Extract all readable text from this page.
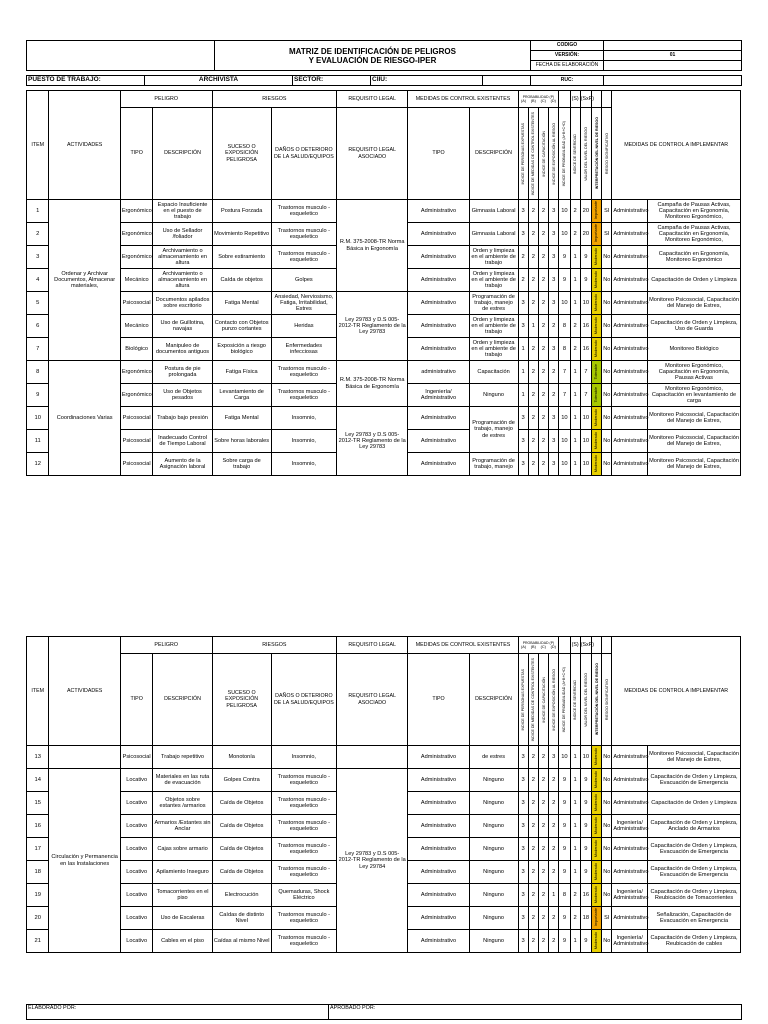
	MATRIZ DE IDENTIFICACIÓN DE PELIGROS
Y EVALUACIÓN DE RIESGO-IPER	CODIGO	
		VERSIÓN:	01
		FECHA DE ELABORACIÓN	
PUESTO DE TRABAJO:	ARCHIVISTA	SECTOR:	CIIU:		RUC:	
ITEM	ACTIVIDADES	PELIGRO		RIESGOS		REQUISITO LEGAL	MEDIDAS DE CONTROL EXISTENTES		PROBABILIDAD (P)
(A) (B) (C) (D)					(S)	(SxP)			MEDIDAS DE CONTROL A IMPLEMENTAR	
		TIPO	DESCRIPCIÓN	SUCESO O EXPOSICIÓN PELIGROSA	DAÑOS O DETERIORO DE LA SALUD/EQUIPOS	REQUISITO LEGAL ASOCIADO	TIPO	DESCRIPCIÓN	INDICE DE PERSONAS EXPUESTAS	INDICE DE MEDIDAS DE CONTROL EXISTENTES	INDICE DE CAPACITACIÓN	INDICE DE EXPOSICIÓN AL RIESGO	INDICE DE PROBABILIDAD (A+B+C+D)	INDICE DE SEVERIDAD	VALOR DEL NIVEL DEL RIESGO	INTERPRETACIÓN DEL NIVEL DE RIESGO	RIESGO SIGNIFICATIVO		

1	Ordenar y Archivar Documentos, Almacenar materiales,	Ergonómico	Espacio Insuficiente en el puesto de trabajo	Postura Forzada	Trastornos musculo - esqueletico	R.M. 375-2008-TR Norma Básica in Ergonomía	Administrativo	Gimnasia Laboral	3	2	2	3	10	2	20	Importante	SI	Administrativo	Campaña de Pausas Activas, Capacitación en Ergonomía, Monitoreo Ergonómico,
2		Ergonómico	Uso de Sellador /foliador	Movimiento Repetitivo	Trastornos musculo - esqueletico		Administrativo	Gimnasia Laboral	3	2	2	3	10	2	20	Importante	SI	Administrativo	Campaña de Pausas Activas, Capacitación en Ergonomía, Monitoreo Ergonómico,
3		Ergonómico	Archivamiento o almacenamiento en altura	Sobre estiramiento	Trastornos musculo - esqueletico		Administrativo	Orden y limpieza en el ambiente de trabajo	2	2	2	3	9	1	9	Moderado	No	Administrativo	Capacitación en Ergonomía, Monitoreo Ergonómico
4		Mecánico	Archivamiento o almacenamiento en altura	Caída de objetos	Golpes		Administrativo	Orden y limpieza en el ambiente de trabajo	2	2	2	3	9	1	9	Moderado	No	Administrativo	Capacitación de Orden y Limpieza
5		Psicosocial	Documentos apilados sobre escritorio	Fatiga Mental	Ansiedad, Nerviosismo, Fatiga, Irritabilidad, Estres	Ley 29783 y D.S 005-2012-TR Reglamento de la Ley 29783	Administrativo	Programación de trabajo, manejo de estres	3	2	2	3	10	1	10	Moderado	No	Administrativo	Monitoreo Psicosocial, Capacitación del Manejo de Estres,
6		Mecánico	Uso de Guillotina, navajas	Contacto con Objetos punzo cortantes	Heridas		Administrativo	Orden y limpieza en el ambiente de trabajo	3	1	2	2	8	2	16	Moderado	No	Administrativo	Capacitación de Orden y Limpieza, Uso de Guarda
7		Biológico	Manipuleo de documentos antiguos	Exposición a riesgo biológico	Enfermedades infecciosas		Administrativo	Orden y limpieza en el ambiente de trabajo	1	2	2	3	8	2	16	Moderado	No	Administrativo	Monitoreo Biológico
8	Coordinaciones Varias	Ergonómico	Postura de pie prolongada	Fatiga Física	Trastornos musculo - esqueletico	R.M. 375-2008-TR Norma Básica de Ergonomía	administrativo	Capacitación	1	2	2	2	7	1	7	Tolerable	No	Administrativo	Monitoreo Ergonómico, Capacitación en Ergonomía, Pausas Activas
9		Ergonómico	Uso de Objetos pesados	Levantamiento de Carga	Trastornos musculo - esqueletico		Ingeniería/ Administrativo	Ninguno	1	2	2	2	7	1	7	Tolerable	No	Administrativo	Monitoreo Ergonómico, Capacitación en levantamiento de carga
10		Psicosocial	Trabajo bajo presión	Fatiga Mental	Insomnio,	Ley 29783 y D.S 005-2012-TR Reglamento de la Ley 29783	Administrativo	Programación de trabajo, manejo de estres	3	2	2	3	10	1	10	Moderado	No	Administrativo	Monitoreo Psicosocial, Capacitación del Manejo de Estres,
11		Psicosocial	Inadecuado Control de Tiempo Laboral	Sobre horas laborales	Insomnio,		Administrativo		3	2	2	3	10	1	10	Moderado	No	Administrativo	Monitoreo Psicosocial, Capacitación del Manejo de Estres,
12		Psicosocial	Aumento de la Asignación laboral	Sobre carga de trabajo	Insomnio,		Administrativo	Programación de trabajo, manejo	3	2	2	3	10	1	10	Moderado	No	Administrativo	Monitoreo Psicosocial, Capacitación del Manejo de Estres,
ITEM	ACTIVIDADES	PELIGRO		RIESGOS		REQUISITO LEGAL	MEDIDAS DE CONTROL EXISTENTES		PROBABILIDAD (P)
(A) (B) (C) (D)					(S)	(SxP)			MEDIDAS DE CONTROL A IMPLEMENTAR	
		TIPO	DESCRIPCIÓN	SUCESO O EXPOSICIÓN PELIGROSA	DAÑOS O DETERIORO DE LA SALUD/EQUIPOS	REQUISITO LEGAL ASOCIADO	TIPO	DESCRIPCIÓN	INDICE DE PERSONAS EXPUESTAS	INDICE DE MEDIDAS DE CONTROL EXISTENTES	INDICE DE CAPACITACIÓN	INDICE DE EXPOSICIÓN AL RIESGO	INDICE DE PROBABILIDAD (A+B+C+D)	INDICE DE SEVERIDAD	VALOR DEL NIVEL DEL RIESGO	INTERPRETACIÓN DEL NIVEL DE RIESGO	RIESGO SIGNIFICATIVO		

13		Psicosocial	Trabajo repetitivo	Monotonía	Insomnio,		Administrativo	de estres	3	2	2	3	10	1	10	Moderado	No	Administrativo	Monitoreo Psicosocial, Capacitación del Manejo de Estres,
14	Circulación y Permanencia en las Instalaciones	Locativo	Materiales en las ruta de evacuación	Golpes Contra	Trastornos musculo - esqueletico	Ley 29783 y D.S 005-2012-TR Reglamento de la Ley 29784	Administrativo	Ninguno	3	2	2	2	9	1	9	Moderado	No	Administrativo	Capacitación de Orden y Limpieza, Evacuación de Emergencia
15		Locativo	Objetos sobre estantes /armarios	Caída de Objetos	Trastornos musculo - esqueletico		Administrativo	Ninguno	3	2	2	2	9	1	9	Moderado	No	Administrativo	Capacitación de Orden y Limpieza
16		Locativo	Armarios /Estantes sin Anclar	Caída de Objetos	Trastornos musculo - esqueletico		Administrativo	Ninguno	3	2	2	2	9	1	9	Moderado	No	Ingeniería/ Administrativo	Capacitación de Orden y Limpieza, Anclado de Armarios
17		Locativo	Cajas sobre armario	Caída de Objetos	Trastornos musculo - esqueletico		Administrativo	Ninguno	3	2	2	2	9	1	9	Moderado	No	Administrativo	Capacitación de Orden y Limpieza, Evacuación de Emergencia
18		Locativo	Apilamiento Inseguro	Caída de Objetos	Trastornos musculo - esqueletico		Administrativo	Ninguno	3	2	2	2	9	1	9	Moderado	No	Administrativo	Capacitación de Orden y Limpieza, Evacuación de Emergencia
19		Locativo	Tomacorrientes en el piso	Electrocución	Quemaduras, Shock Eléctrico		Administrativo	Ninguno	3	2	2	1	8	2	16	Moderado	No	Ingeniería/ Administrativo	Capacitación de Orden y Limpieza, Reubicación de Tomacorrientes
20		Locativo	Uso de Escaleras	Caídas de distinto Nivel	Trastornos musculo - esqueletico		Administrativo	Ninguno	3	2	2	2	9	2	18	Importante	SI	Administrativo	Señalización, Capacitación de Evacuación en Emergencia
21		Locativo	Cables en el piso	Caídas al mismo Nivel	Trastornos musculo - esqueletico		Administrativo	Ninguno	3	2	2	2	9	1	9	Moderado	No	Ingeniería/ Administrativo	Capacitación de Orden y Limpieza, Reubicación de cables
ELABORADO POR:	APROBADO POR:
